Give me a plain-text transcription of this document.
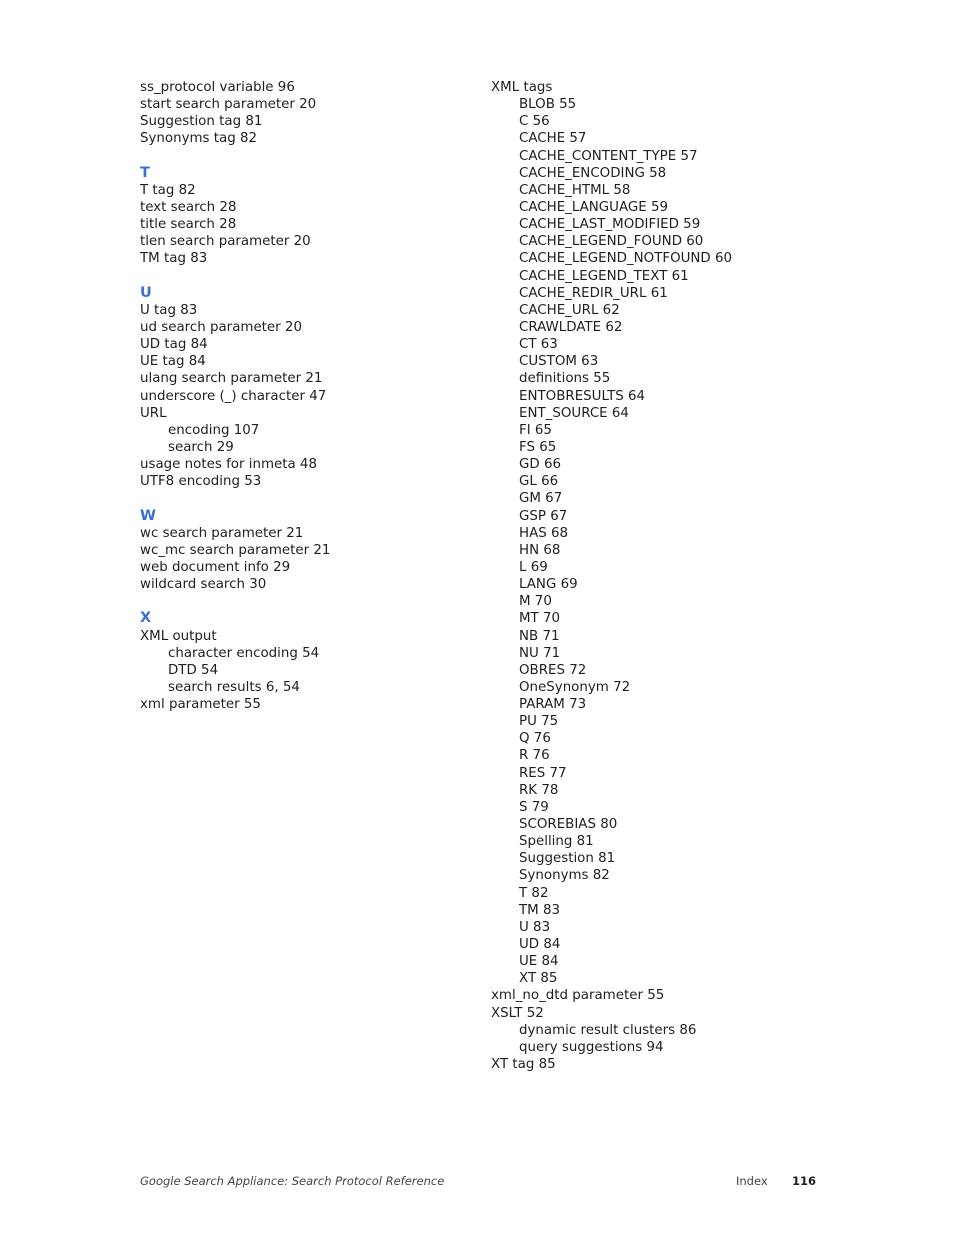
ss_protocol variable 96
start search parameter 20
Suggestion tag 81
Synonyms tag 82
T
T tag 82
text search 28
title search 28
tlen search parameter 20
TM tag 83
U
U tag 83
ud search parameter 20
UD tag 84
UE tag 84
ulang search parameter 21
underscore (_) character 47
URL
encoding 107
search 29
usage notes for inmeta 48
UTF8 encoding 53
W
wc search parameter 21
wc_mc search parameter 21
web document info 29
wildcard search 30
X
XML output
character encoding 54
DTD 54
search results 6, 54
xml parameter 55
XML tags
BLOB 55
C 56
CACHE 57
CACHE_CONTENT_TYPE 57
CACHE_ENCODING 58
CACHE_HTML 58
CACHE_LANGUAGE 59
CACHE_LAST_MODIFIED 59
CACHE_LEGEND_FOUND 60
CACHE_LEGEND_NOTFOUND 60
CACHE_LEGEND_TEXT 61
CACHE_REDIR_URL 61
CACHE_URL 62
CRAWLDATE 62
CT 63
CUSTOM 63
definitions 55
ENTOBRESULTS 64
ENT_SOURCE 64
FI 65
FS 65
GD 66
GL 66
GM 67
GSP 67
HAS 68
HN 68
L 69
LANG 69
M 70
MT 70
NB 71
NU 71
OBRES 72
OneSynonym 72
PARAM 73
PU 75
Q 76
R 76
RES 77
RK 78
S 79
SCOREBIAS 80
Spelling 81
Suggestion 81
Synonyms 82
T 82
TM 83
U 83
UD 84
UE 84
XT 85
xml_no_dtd parameter 55
XSLT 52
dynamic result clusters 86
query suggestions 94
XT tag 85
Google Search Appliance: Search Protocol Reference	Index 116
